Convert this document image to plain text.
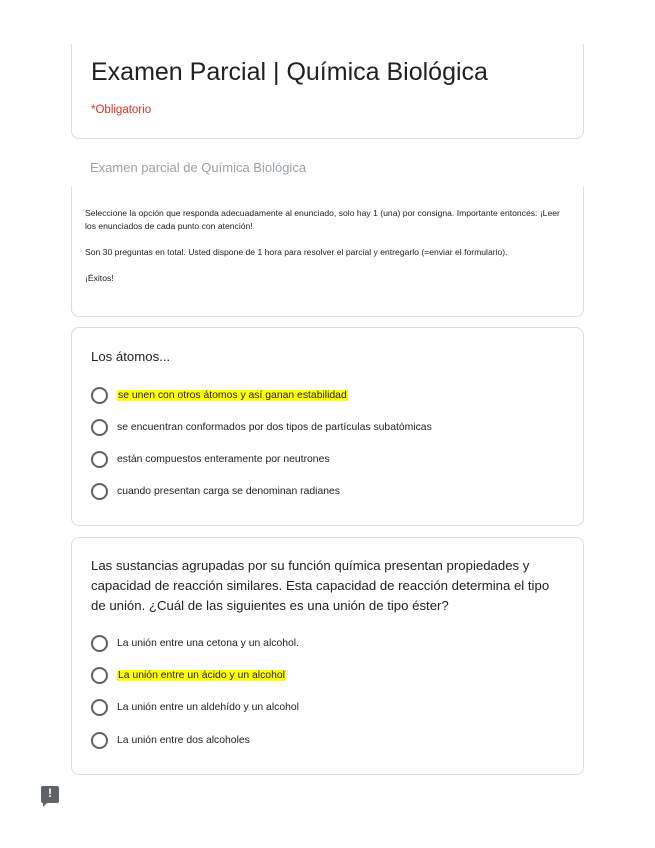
Examen Parcial | Química Biológica
*Obligatorio
Examen parcial de Química Biológica

Seleccione la opción que responda adecuadamente al enunciado, solo hay 1 (una) por consigna. Importante entonces: ¡Leer los enunciados de cada punto con atención!

Son 30 preguntas en total. Usted dispone de 1 hora para resolver el parcial y entregarlo (=enviar el formulario).

¡Éxitos!

Los átomos...
se unen con otros átomos y así ganan estabilidad
se encuentran conformados por dos tipos de partículas subatómicas
están compuestos enteramente por neutrones
cuando presentan carga se denominan radianes
Las sustancias agrupadas por su función química presentan propiedades y capacidad de reacción similares. Esta capacidad de reacción determina el tipo de unión. ¿Cuál de las siguientes es una unión de tipo éster?
La unión entre una cetona y un alcohol.
La unión entre un ácido y un alcohol
La unión entre un aldehído y un alcohol
La unión entre dos alcoholes
!
